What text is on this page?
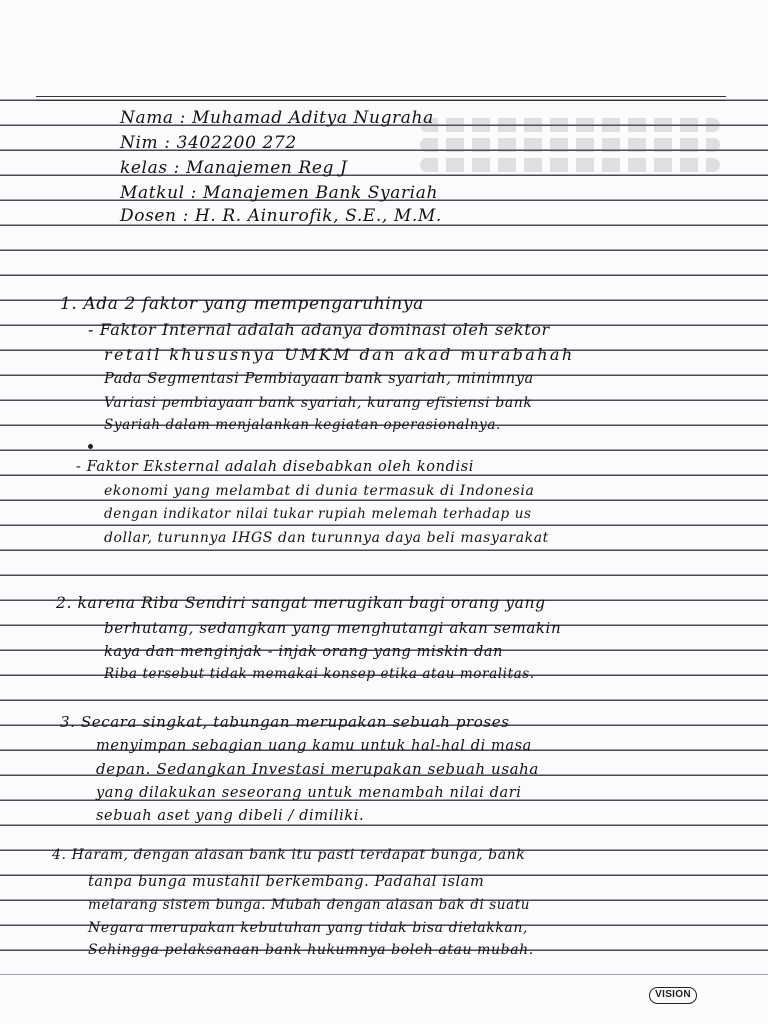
Nama : Muhamad Aditya Nugraha
Nim : 3402200 272
kelas : Manajemen Reg J
Matkul : Manajemen Bank Syariah
Dosen : H. R. Ainurofik, S.E., M.M.
1. Ada 2 faktor yang mempengaruhinya
- Faktor Internal adalah adanya dominasi oleh sektor
retail khususnya UMKM dan akad murabahah
Pada Segmentasi Pembiayaan bank syariah, minimnya
Variasi pembiayaan bank syariah, kurang efisiensi bank
Syariah dalam menjalankan kegiatan operasionalnya.
- Faktor Eksternal adalah disebabkan oleh kondisi
ekonomi yang melambat di dunia termasuk di Indonesia
dengan indikator nilai tukar rupiah melemah terhadap us
dollar, turunnya IHGS dan turunnya daya beli masyarakat
2. karena Riba Sendiri sangat merugikan bagi orang yang
berhutang, sedangkan yang menghutangi akan semakin
kaya dan menginjak - injak orang yang miskin dan
Riba tersebut tidak memakai konsep etika atau moralitas.
3. Secara singkat, tabungan merupakan sebuah proses
menyimpan sebagian uang kamu untuk hal-hal di masa
depan. Sedangkan Investasi merupakan sebuah usaha
yang dilakukan seseorang untuk menambah nilai dari
sebuah aset yang dibeli / dimiliki.
4. Haram, dengan alasan bank itu pasti terdapat bunga, bank
tanpa bunga mustahil berkembang. Padahal islam
melarang sistem bunga. Mubah dengan alasan bak di suatu
Negara merupakan kebutuhan yang tidak bisa dielakkan,
Sehingga pelaksanaan bank hukumnya boleh atau mubah.
VISION
